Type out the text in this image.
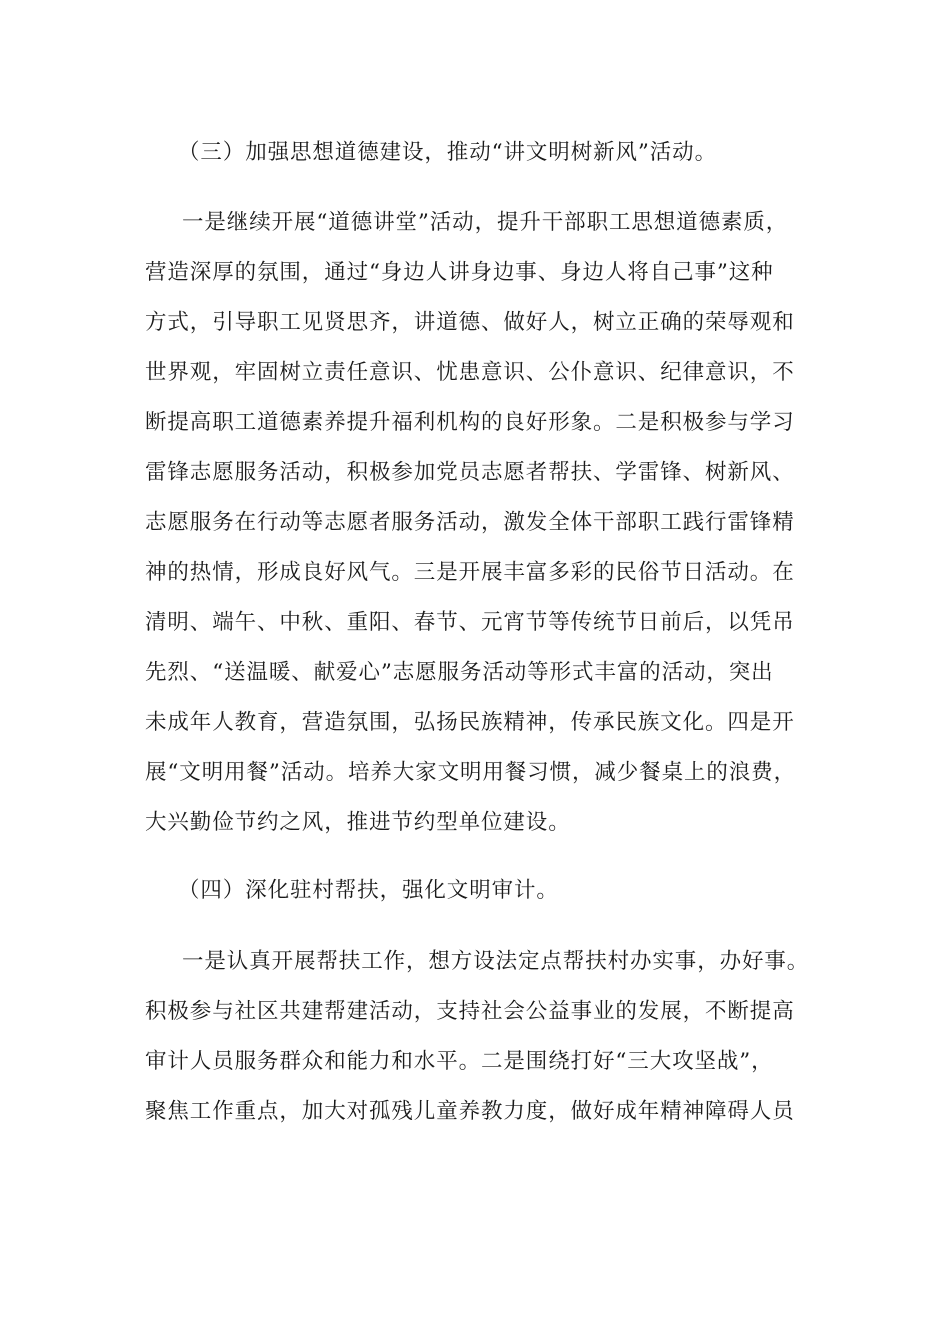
（三）加强思想道德建设，推动“讲文明树新风”活动。
一是继续开展“道德讲堂”活动，提升干部职工思想道德素质，
营造深厚的氛围，通过“身边人讲身边事、身边人将自己事”这种
方式，引导职工见贤思齐，讲道德、做好人，树立正确的荣辱观和
世界观，牢固树立责任意识、忧患意识、公仆意识、纪律意识，不
断提高职工道德素养提升福利机构的良好形象。二是积极参与学习
雷锋志愿服务活动，积极参加党员志愿者帮扶、学雷锋、树新风、
志愿服务在行动等志愿者服务活动，激发全体干部职工践行雷锋精
神的热情，形成良好风气。三是开展丰富多彩的民俗节日活动。在
清明、端午、中秋、重阳、春节、元宵节等传统节日前后，以凭吊
先烈、“送温暖、献爱心”志愿服务活动等形式丰富的活动，突出
未成年人教育，营造氛围，弘扬民族精神，传承民族文化。四是开
展“文明用餐”活动。培养大家文明用餐习惯，减少餐桌上的浪费，
大兴勤俭节约之风，推进节约型单位建设。
（四）深化驻村帮扶，强化文明审计。
一是认真开展帮扶工作，想方设法定点帮扶村办实事，办好事。
积极参与社区共建帮建活动，支持社会公益事业的发展，不断提高
审计人员服务群众和能力和水平。二是围绕打好“三大攻坚战”，
聚焦工作重点，加大对孤残儿童养教力度，做好成年精神障碍人员
